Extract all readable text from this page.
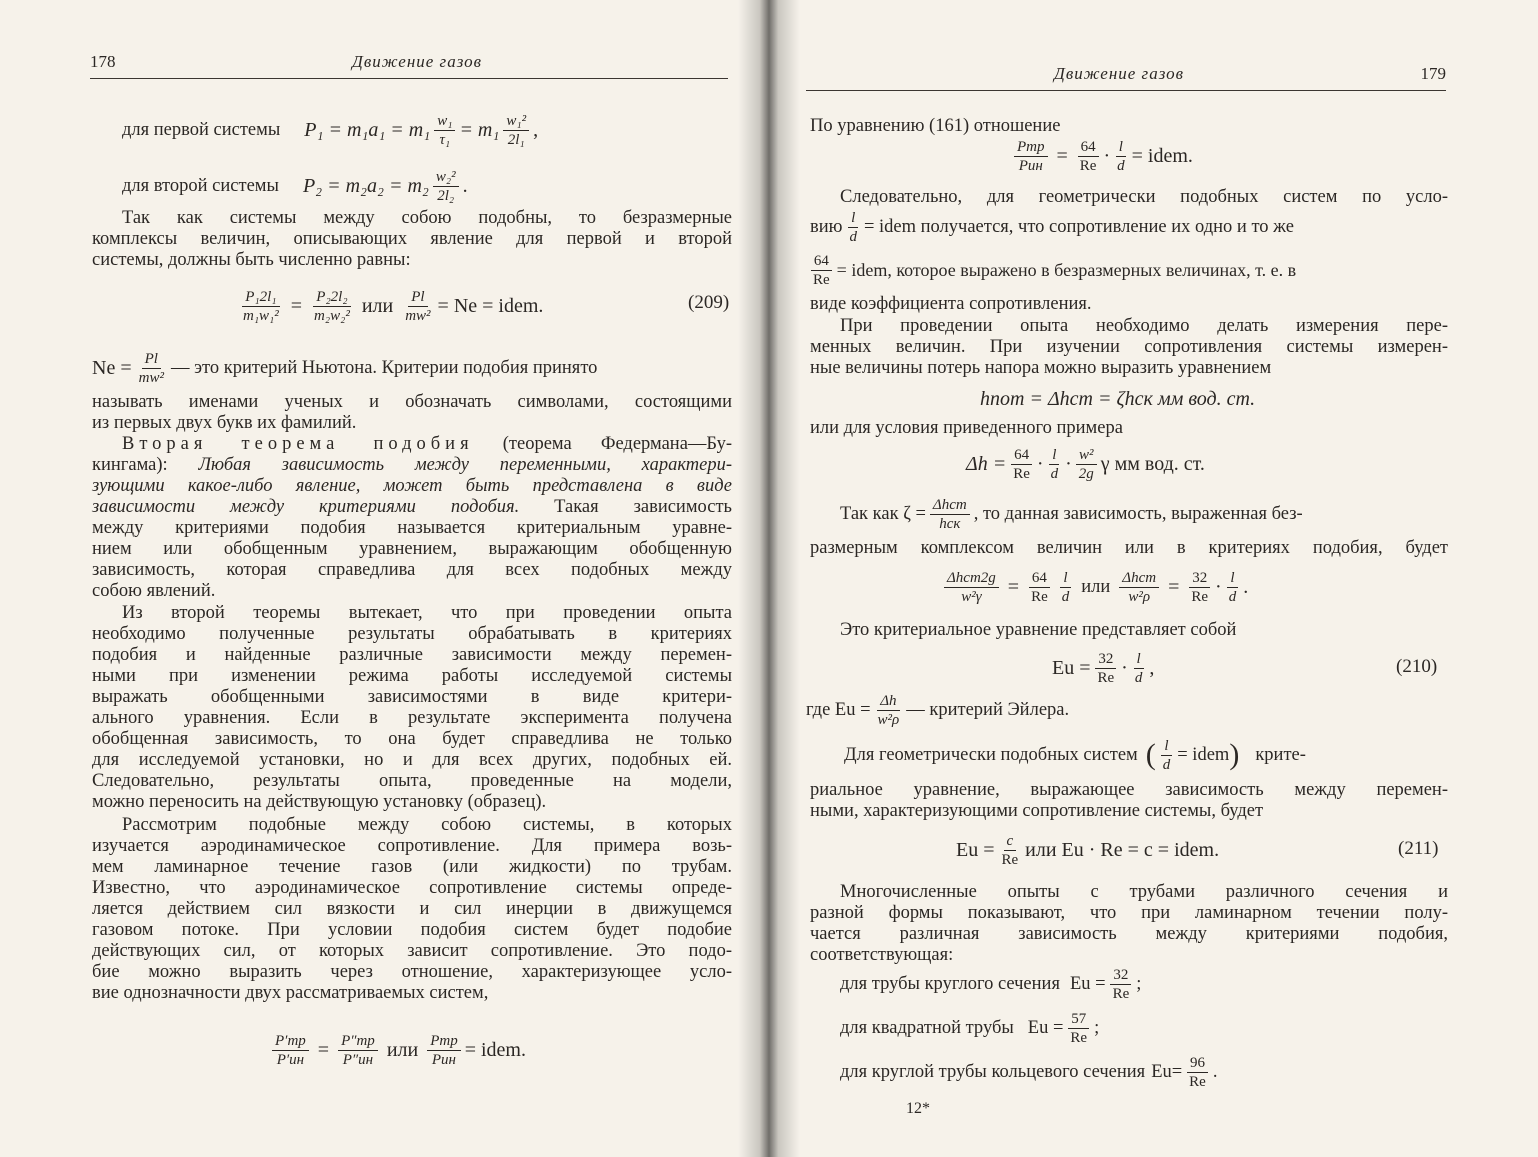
178	Движение газов
для первой системы $P_1 = m_1a_1 = m_1 \frac{\text{w₁}}{\text{τ₁}} = m_1 \frac{\text{w₁²}}{\text{2l₁}}$ ,
для второй системы $P_2 = m_2a_2 = m_2 \frac{\text{w₂²}}{\text{2l₂}}$ .
Так как системы между собою подобны, то безразмерные
комплексы величин, описывающих явление для первой и второй
системы, должны быть численно равны:
$\frac{\text{P₁2l₁}}{\text{m₁w₁²}} = \frac{\text{P₂2l₂}}{\text{m₂w₂²}}$ или $\frac{Pl}{\text{mw²}} = Ne$ = idem.	(209)
$Ne = \frac{Pl}{\text{mw²}}$ — это критерий Ньютона. Критерии подобия принято
называть именами ученых и обозначать символами, состоящими
из первых двух букв их фамилий.
Вторая теорема подобия (теорема Федермана—Бу-
кингама): Любая зависимость между переменными, характери-
зующими какое-либо явление, может быть представлена в виде
зависимости между критериями подобия. Такая зависимость
между критериями подобия называется критериальным уравне-
нием или обобщенным уравнением, выражающим обобщенную
зависимость, которая справедлива для всех подобных между
собою явлений.
Из второй теоремы вытекает, что при проведении опыта
необходимо полученные результаты обрабатывать в критериях
подобия и найденные различные зависимости между перемен-
ными при изменении режима работы исследуемой системы
выражать обобщенными зависимостями в виде критери-
ального уравнения. Если в результате эксперимента получена
обобщенная зависимость, то она будет справедлива не только
для исследуемой установки, но и для всех других, подобных ей.
Следовательно, результаты опыта, проведенные на модели,
можно переносить на действующую установку (образец).
Рассмотрим подобные между собою системы, в которых
изучается аэродинамическое сопротивление. Для примера возь-
мем ламинарное течение газов (или жидкости) по трубам.
Известно, что аэродинамическое сопротивление системы опреде-
ляется действием сил вязкости и сил инерции в движущемся
газовом потоке. При условии подобия систем будет подобие
действующих сил, от которых зависит сопротивление. Это подо-
бие можно выразить через отношение, характеризующее усло-
вие однозначности двух рассматриваемых систем,
$\frac{P'тр}{P'ин} = \frac{P''тр}{P''ин}$ или $\frac{\text{Pтр}}{\text{Pин}}$ = idem.
Движение газов	179
По уравнению (161) отношение
$\frac{\text{Pтр}}{\text{Pин}} = \frac{64}{Re} \cdot \frac{l}{d}$ = idem.
Следовательно, для геометрически подобных систем по усло-
вию $\frac{l}{d}$ = idem получается, что сопротивление их одно и то же
$\frac{64}{Re}$ = idem, которое выражено в безразмерных величинах, т. е. в
виде коэффициента сопротивления.
При проведении опыта необходимо делать измерения пере-
менных величин. При изучении сопротивления системы измерен-
ные величины потерь напора можно выразить уравнением
hпот = Δhст = ζhск мм вод. ст.
или для условия приведенного примера
$\Delta h = \frac{64}{Re} \cdot \frac{l}{d} \cdot \frac{\text{w²}}{2g}$ γ мм вод. ст.
Так как $\zeta = \frac{\text{Δhст}}{\text{hск}}$ , то данная зависимость, выраженная без-
размерным комплексом величин или в критериях подобия, будет
$\frac{\text{Δhст2g}}{\text{w²γ}} = \frac{64}{Re} \frac{l}{d}$ или $\frac{\text{Δhст}}{\text{w²ρ}} = \frac{32}{Re} \cdot \frac{l}{d}$ .
Это критериальное уравнение представляет собой
$Eu = \frac{32}{Re} \cdot \frac{l}{d}$ ,	(210)
где $Eu = \frac{\Delta h}{\text{w²ρ}}$ — критерий Эйлера.
Для геометрически подобных систем ( $\frac{l}{d}$ = idem ) крите-
риальное уравнение, выражающее зависимость между перемен-
ными, характеризующими сопротивление системы, будет
$Eu = \frac{c}{Re}$ или Eu · Re = c = idem.	(211)
Многочисленные опыты с трубами различного сечения и
разной формы показывают, что при ламинарном течении полу-
чается различная зависимость между критериями подобия,
соответствующая:
для трубы круглого сечения $Eu = \frac{32}{Re}$ ;
для квадратной трубы $Eu = \frac{57}{Re}$ ;
для круглой трубы кольцевого сечения $Eu= \frac{96}{Re}$ .
12*
